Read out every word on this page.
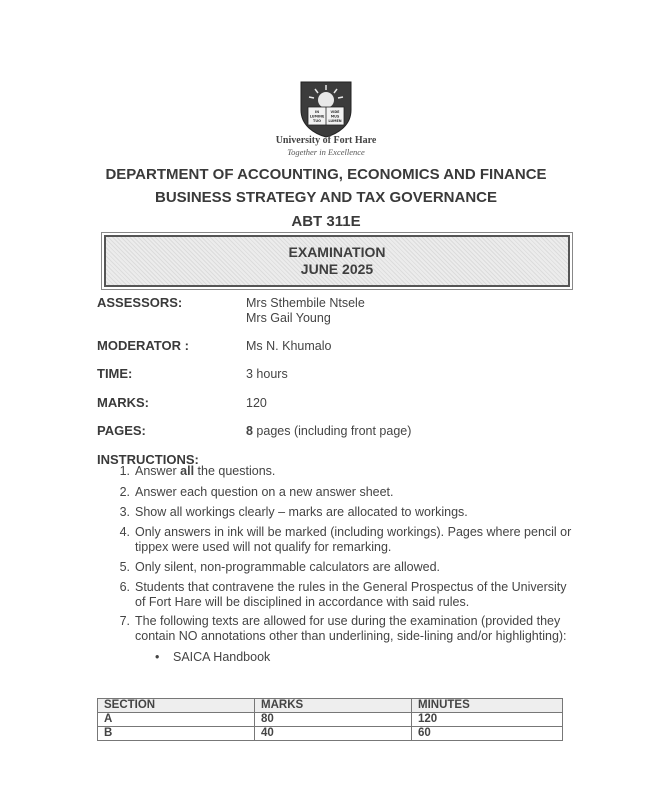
IN
LUMINE
TUO
VIDE
MUS
LUMEN
University of Fort Hare
Together in Excellence
DEPARTMENT OF ACCOUNTING, ECONOMICS AND FINANCE
BUSINESS STRATEGY AND TAX GOVERNANCE
ABT 311E
EXAMINATION
JUNE 2025
ASSESSORS:	Mrs Sthembile Ntsele
Mrs Gail Young
MODERATOR :	Ms N. Khumalo
TIME:	3 hours
MARKS:	120
PAGES:	8 pages (including front page)
INSTRUCTIONS:
1. Answer all the questions.
2. Answer each question on a new answer sheet.
3. Show all workings clearly – marks are allocated to workings.
4. Only answers in ink will be marked (including workings). Pages where pencil or tippex were used will not qualify for remarking.
5. Only silent, non-programmable calculators are allowed.
6. Students that contravene the rules in the General Prospectus of the University of Fort Hare will be disciplined in accordance with said rules.
7. The following texts are allowed for use during the examination (provided they contain NO annotations other than underlining, side-lining and/or highlighting):
• SAICA Handbook
SECTION	MARKS	MINUTES
A	80	120
B	40	60
